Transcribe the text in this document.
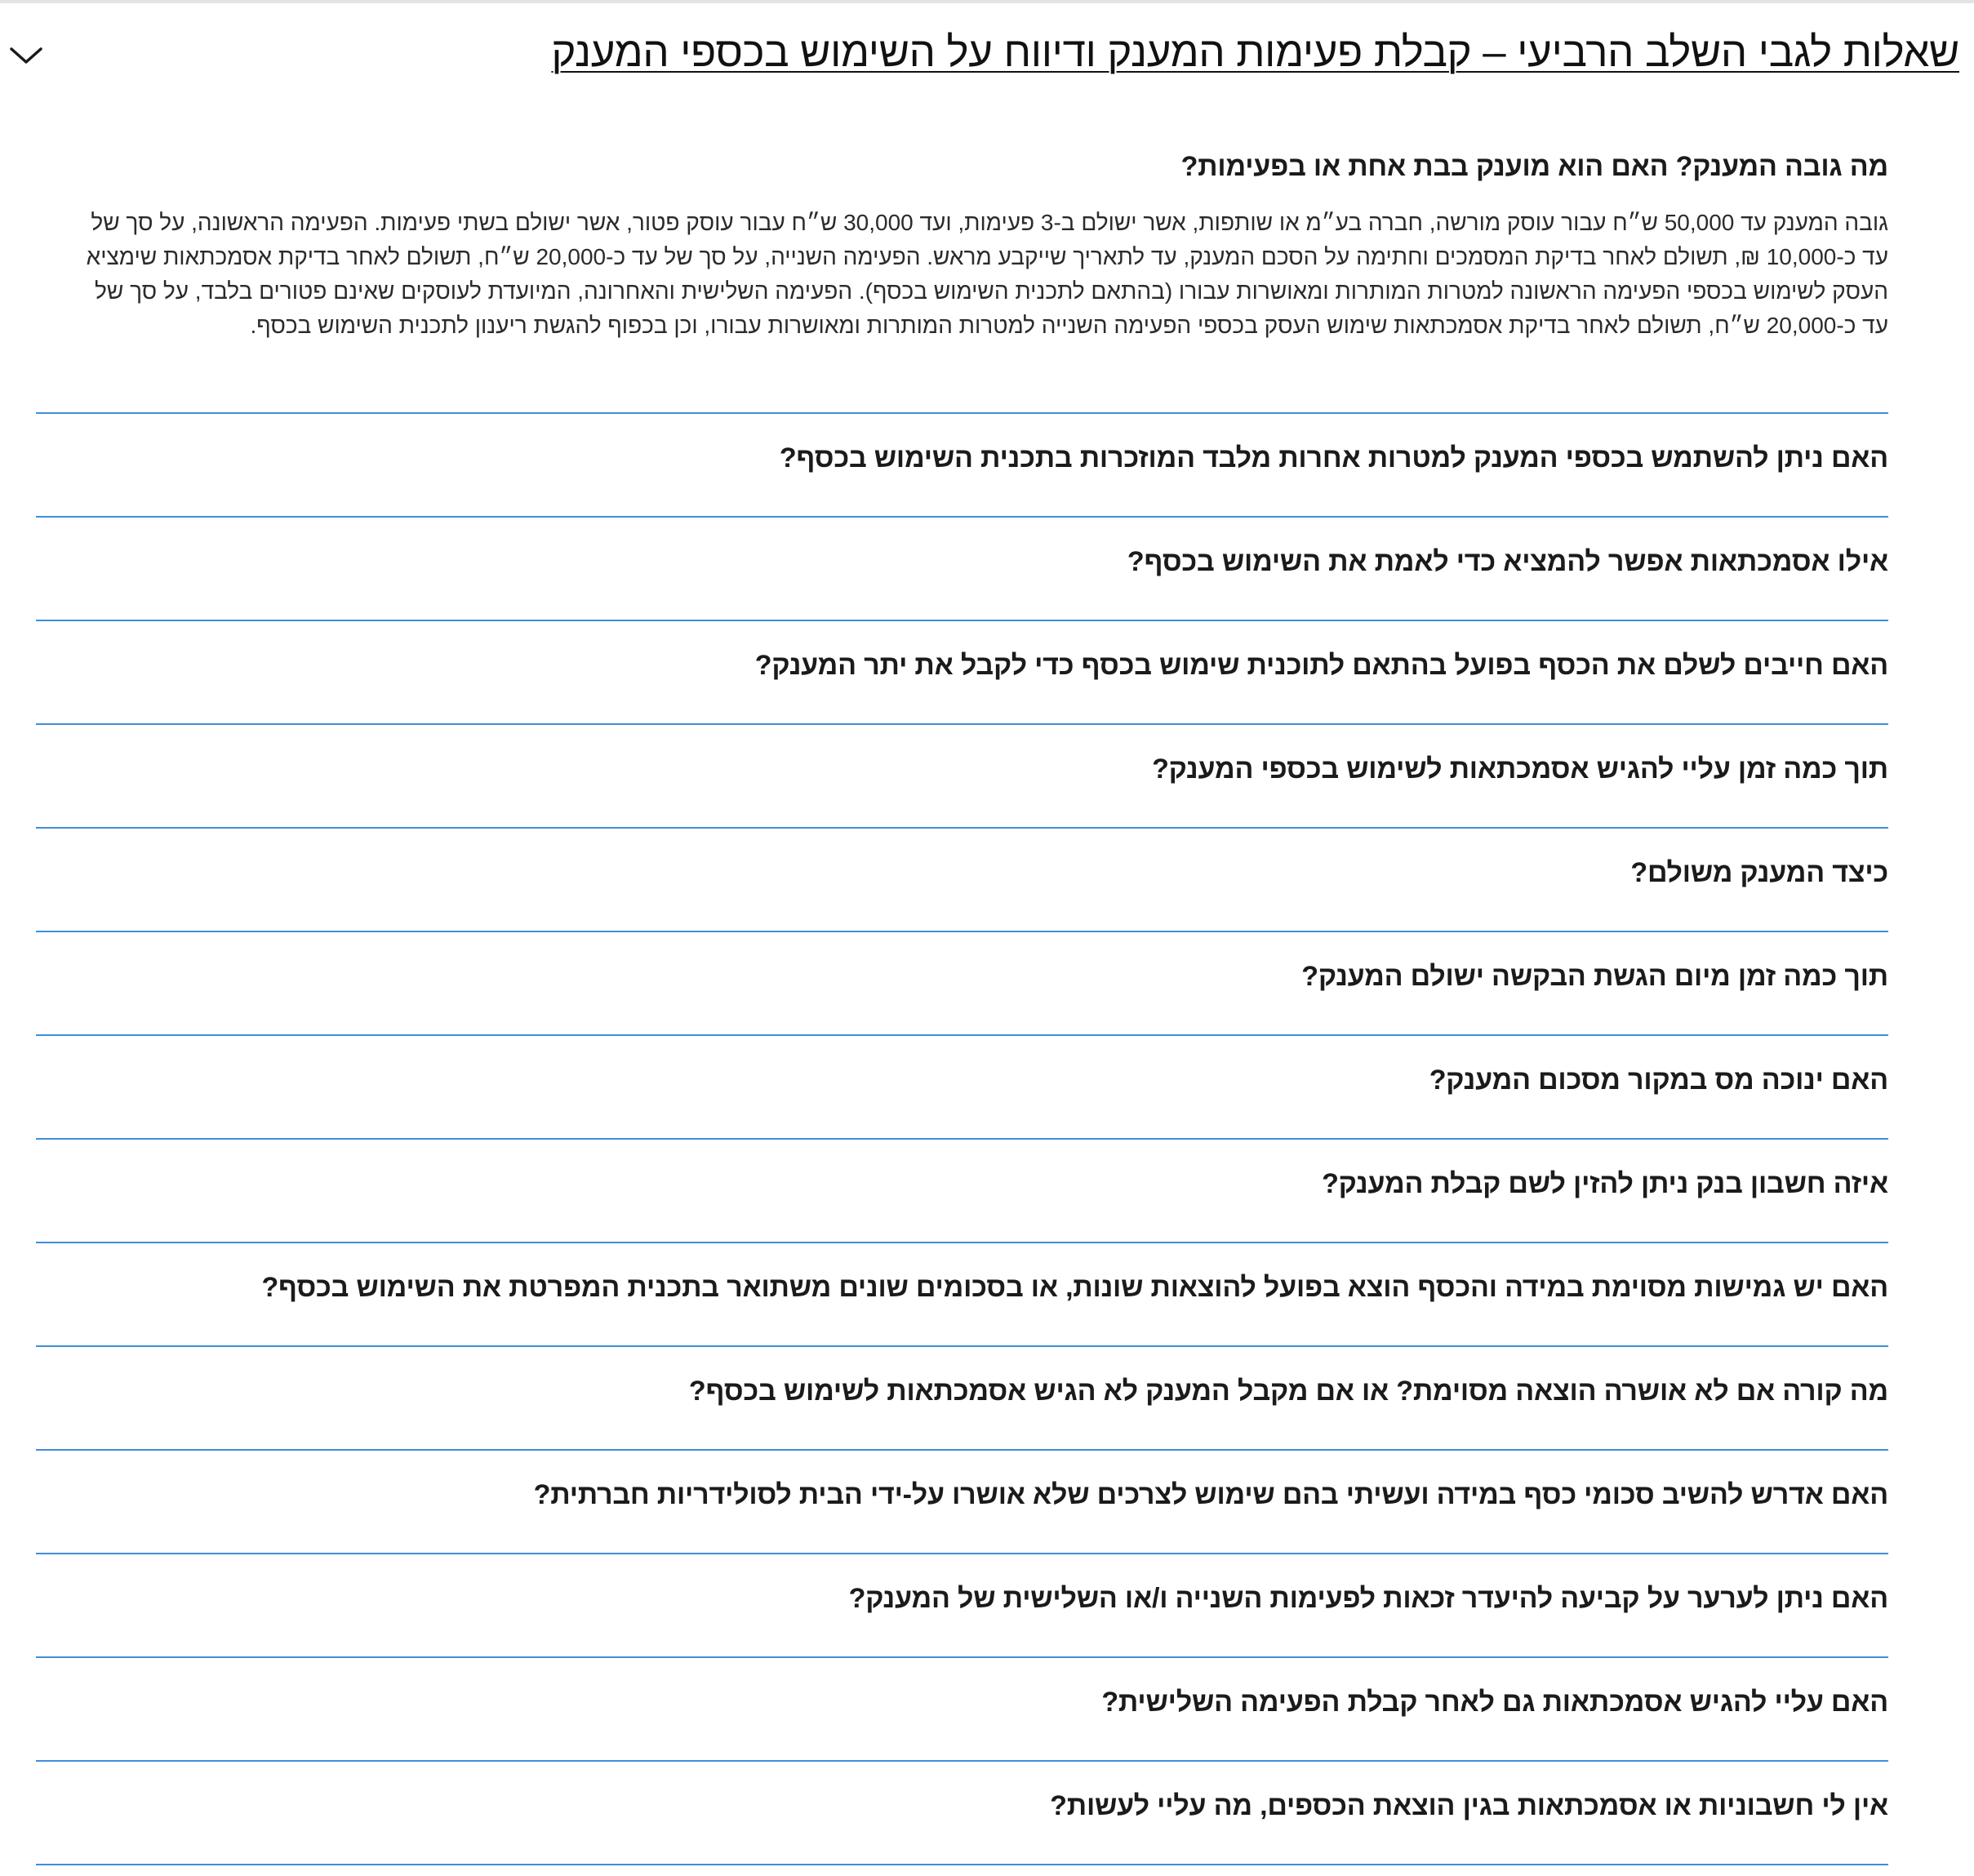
שאלות לגבי השלב הרביעי – קבלת פעימות המענק ודיווח על השימוש בכספי המענק
מה גובה המענק? האם הוא מוענק בבת אחת או בפעימות?
גובה המענק עד 50,000 ש״ח עבור עוסק מורשה, חברה בע״מ או שותפות, אשר ישולם ב-3 פעימות, ועד 30,000 ש״ח עבור עוסק פטור, אשר ישולם בשתי פעימות. הפעימה הראשונה, על סך של עד כ-10,000 ₪, תשולם לאחר בדיקת המסמכים וחתימה על הסכם המענק, עד לתאריך שייקבע מראש. הפעימה השנייה, על סך של עד כ-20,000 ש״ח, תשולם לאחר בדיקת אסמכתאות שימציא העסק לשימוש בכספי הפעימה הראשונה למטרות המותרות ומאושרות עבורו (בהתאם לתכנית השימוש בכסף). הפעימה השלישית והאחרונה, המיועדת לעוסקים שאינם פטורים בלבד, על סך של עד כ-20,000 ש״ח, תשולם לאחר בדיקת אסמכתאות שימוש העסק בכספי הפעימה השנייה למטרות המותרות ומאושרות עבורו, וכן בכפוף להגשת ריענון לתכנית השימוש בכסף.
האם ניתן להשתמש בכספי המענק למטרות אחרות מלבד המוזכרות בתכנית השימוש בכסף?
אילו אסמכתאות אפשר להמציא כדי לאמת את השימוש בכסף?
האם חייבים לשלם את הכסף בפועל בהתאם לתוכנית שימוש בכסף כדי לקבל את יתר המענק?
תוך כמה זמן עליי להגיש אסמכתאות לשימוש בכספי המענק?
כיצד המענק משולם?
תוך כמה זמן מיום הגשת הבקשה ישולם המענק?
האם ינוכה מס במקור מסכום המענק?
איזה חשבון בנק ניתן להזין לשם קבלת המענק?
האם יש גמישות מסוימת במידה והכסף הוצא בפועל להוצאות שונות, או בסכומים שונים משתואר בתכנית המפרטת את השימוש בכסף?
מה קורה אם לא אושרה הוצאה מסוימת? או אם מקבל המענק לא הגיש אסמכתאות לשימוש בכסף?
האם אדרש להשיב סכומי כסף במידה ועשיתי בהם שימוש לצרכים שלא אושרו על-ידי הבית לסולידריות חברתית?
האם ניתן לערער על קביעה להיעדר זכאות לפעימות השנייה ו/או השלישית של המענק?
האם עליי להגיש אסמכתאות גם לאחר קבלת הפעימה השלישית?
אין לי חשבוניות או אסמכתאות בגין הוצאת הכספים, מה עליי לעשות?
